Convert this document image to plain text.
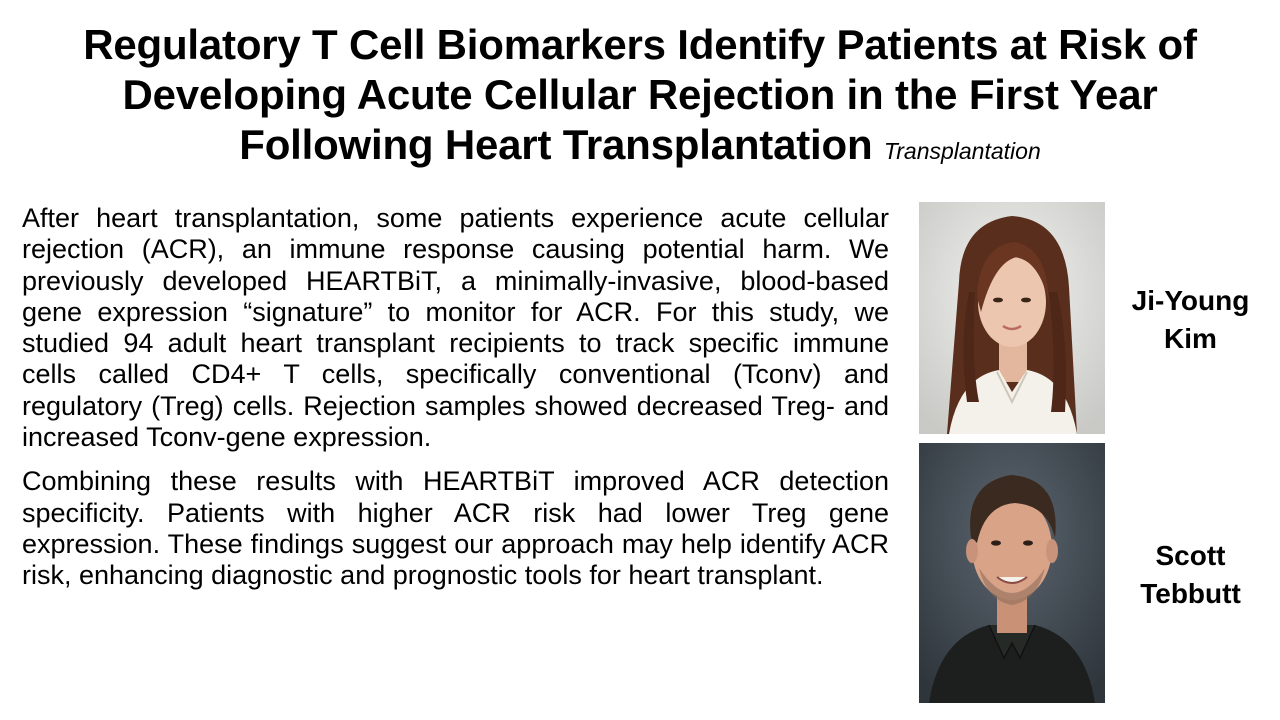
Regulatory T Cell Biomarkers Identify Patients at Risk of Developing Acute Cellular Rejection in the First Year Following Heart Transplantation Transplantation

After heart transplantation, some patients experience acute cellular rejection (ACR), an immune response causing potential harm. We previously developed HEARTBiT, a minimally-invasive, blood-based gene expression “signature” to monitor for ACR. For this study, we studied 94 adult heart transplant recipients to track specific immune cells called CD4+ T cells, specifically conventional (Tconv) and regulatory (Treg) cells. Rejection samples showed decreased Treg- and increased Tconv-gene expression.

Combining these results with HEARTBiT improved ACR detection specificity. Patients with higher ACR risk had lower Treg gene expression. These findings suggest our approach may help identify ACR risk, enhancing diagnostic and prognostic tools for heart transplant.

Ji-Young
Kim
Scott
Tebbutt
